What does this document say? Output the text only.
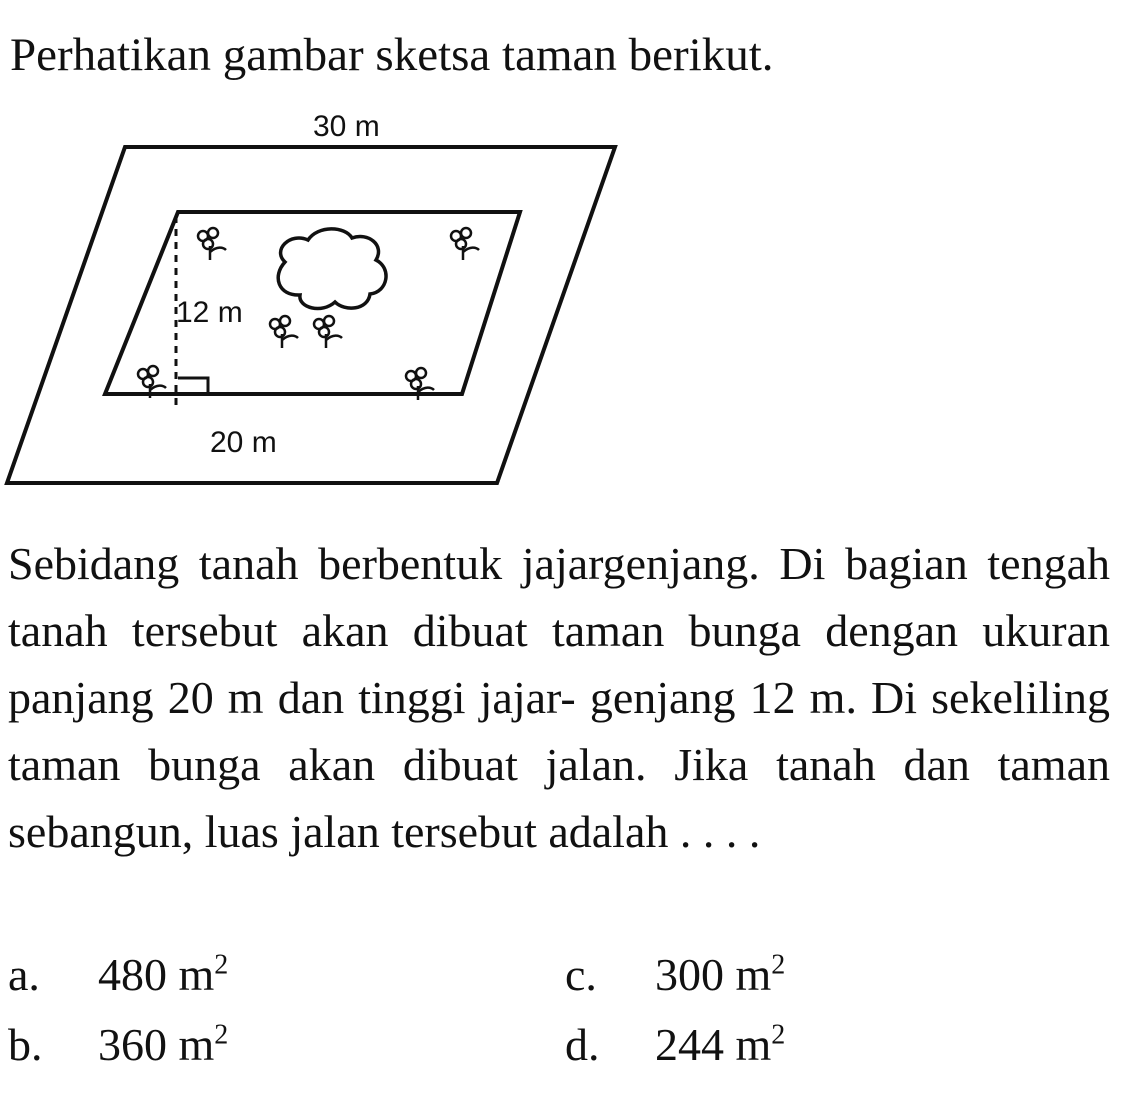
Perhatikan gambar sketsa taman berikut.
30 m
12 m
20 m

Sebidang tanah berbentuk jajargenjang. Di bagian tengah tanah tersebut akan dibuat taman bunga dengan ukuran panjang 20 m dan tinggi jajar- genjang 12 m. Di sekeliling taman bunga akan dibuat jalan. Jika tanah dan taman sebangun, luas jalan tersebut adalah . . . .

a. 480 $m^2$
b. 360 $m^2$
c. 300 $m^2$
d. 244 $m^2$
